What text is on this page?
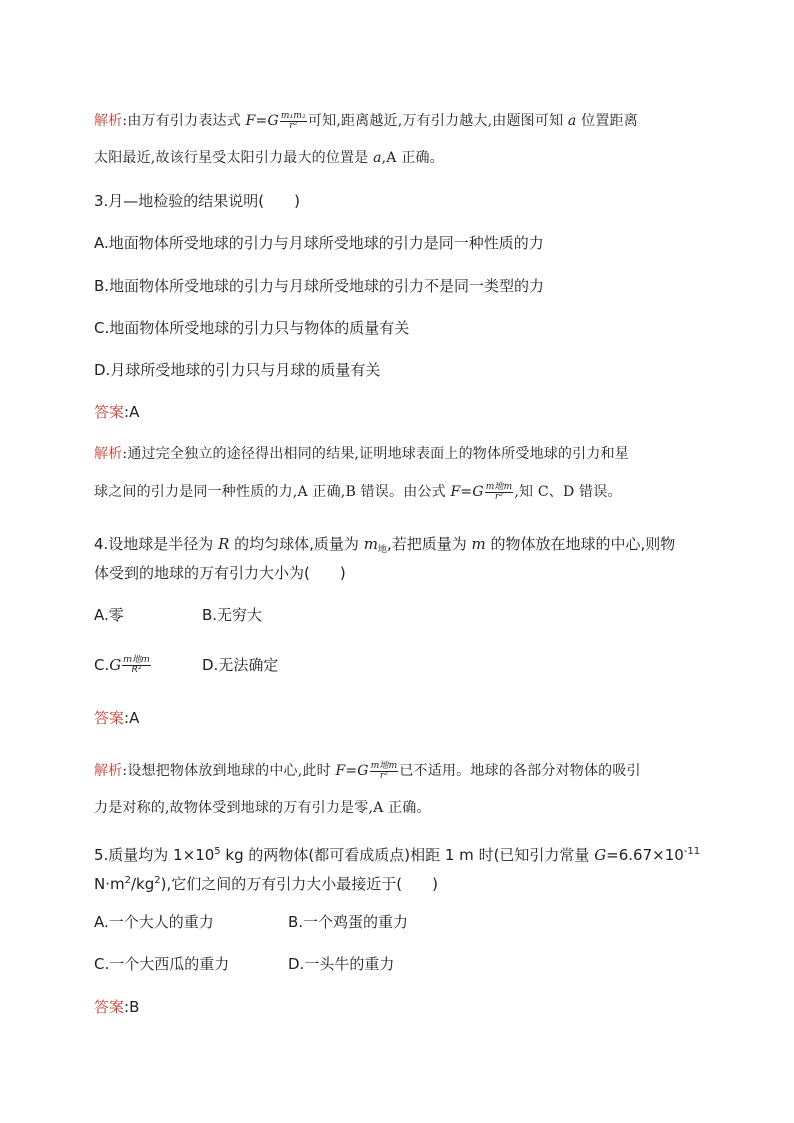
解析:由万有引力表达式 $F=G \frac{\text{m₁m₂}}{\text{r²}}$ 可知,距离越近,万有引力越大,由题图可知 a 位置距离
太阳最近,故该行星受太阳引力最大的位置是 a,A 正确。
3.月—地检验的结果说明(　　)
A.地面物体所受地球的引力与月球所受地球的引力是同一种性质的力
B.地面物体所受地球的引力与月球所受地球的引力不是同一类型的力
C.地面物体所受地球的引力只与物体的质量有关
D.月球所受地球的引力只与月球的质量有关
答案:A
解析:通过完全独立的途径得出相同的结果,证明地球表面上的物体所受地球的引力和星
球之间的引力是同一种性质的力,A 正确,B 错误。由公式 $F=G \frac{\text{m地m}}{\text{r²}}$ ,知 C、D 错误。
4.设地球是半径为 R 的均匀球体,质量为 $m_地$,若把质量为 m 的物体放在地球的中心,则物
体受到的地球的万有引力大小为(　　)
A.零	B.无穷大
$C.G \frac{\text{m地m}}{\text{R²}}$	D.无法确定
答案:A
解析:设想把物体放到地球的中心,此时 $F=G \frac{\text{m地m}}{\text{r²}}$ 已不适用。地球的各部分对物体的吸引
力是对称的,故物体受到地球的万有引力是零,A 正确。
5.质量均为 $1\times 10^5$ kg 的两物体(都可看成质点)相距 1 m 时(已知引力常量 $G=6.67\times 10^{-11}$
$N\cdot m^2/kg^2$),它们之间的万有引力大小最接近于(　　)
A.一个大人的重力	B.一个鸡蛋的重力
C.一个大西瓜的重力	D.一头牛的重力
答案:B
